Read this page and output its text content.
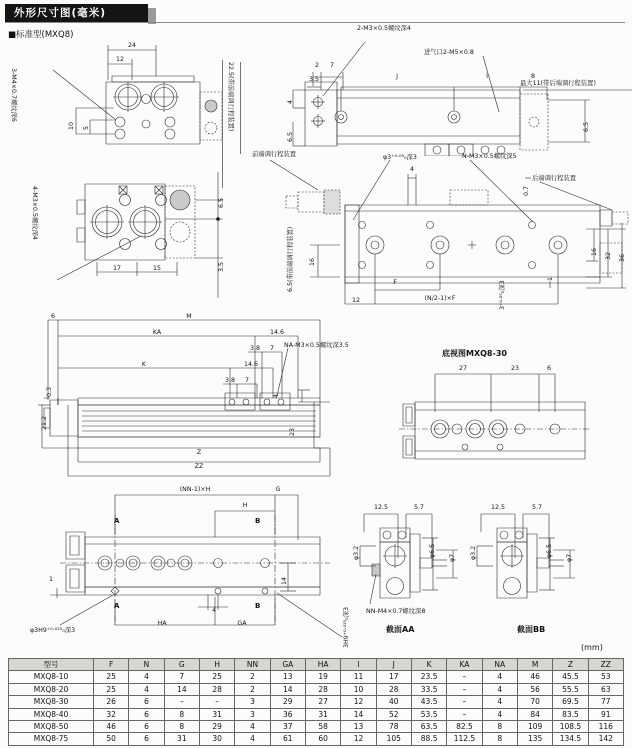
外形尺寸图(毫米)
■标准型(MXQ8)
24
12
10 5
3-M4×0.7螺纹深6	22.5(带前端调行程装置)
2-M3×0.5螺纹深4
进气口2-M5×0.8
最大11(带后端调行程装置)
2 7
3.5	J	I	8
4
6.5
6.5
4-M3×0.5螺纹深4
17	15
6.5
3.5
前端调行程装置	φ3⁺⁰·⁰⁵₀深3	N-M3×0.5螺纹深5
后端调行程装置
6.5(带前端调行程装置)
4
0.7
16
16 32 36
1
F
(N/2-1)×F
12	3⁺⁰·⁰⁵₀深3
6	M
KA	14.6
3.8 7
K	14.6
3.8 7
0.3
21.2
4
23
Z
ZZ
NA-M3×0.5螺纹深3.5
底视图MXQ8-30
27	23	6
(NN-1)×H	G
H
A	B
A	B
14
1
4
HA	GA
φ3H9⁺⁰·⁰²⁵₀深3	3H9⁺⁰·⁰²⁵₀深3
12.5	5.7
φ3.2	φ6.5 φ7
NN-M4×0.7螺纹深8
截面AA
12.5	5.7
φ3.2	φ6.5 φ7
截面BB
(mm)
型号	F	N	G	H	NN	GA	HA	I	J	K	KA	NA	M	Z	ZZ
MXQ8-10	25	4	7	25	2	13	19	11	17	23.5	–	4	46	45.5	53
MXQ8-20	25	4	14	28	2	14	28	10	28	33.5	–	4	56	55.5	63
MXQ8-30	26	6	–	–	3	29	27	12	40	43.5	–	4	70	69.5	77
MXQ8-40	32	6	8	31	3	36	31	14	52	53.5	–	4	84	83.5	91
MXQ8-50	46	6	8	29	4	37	58	13	78	63.5	82.5	8	109	108.5	116
MXQ8-75	50	6	31	30	4	61	60	12	105	88.5	112.5	8	135	134.5	142
